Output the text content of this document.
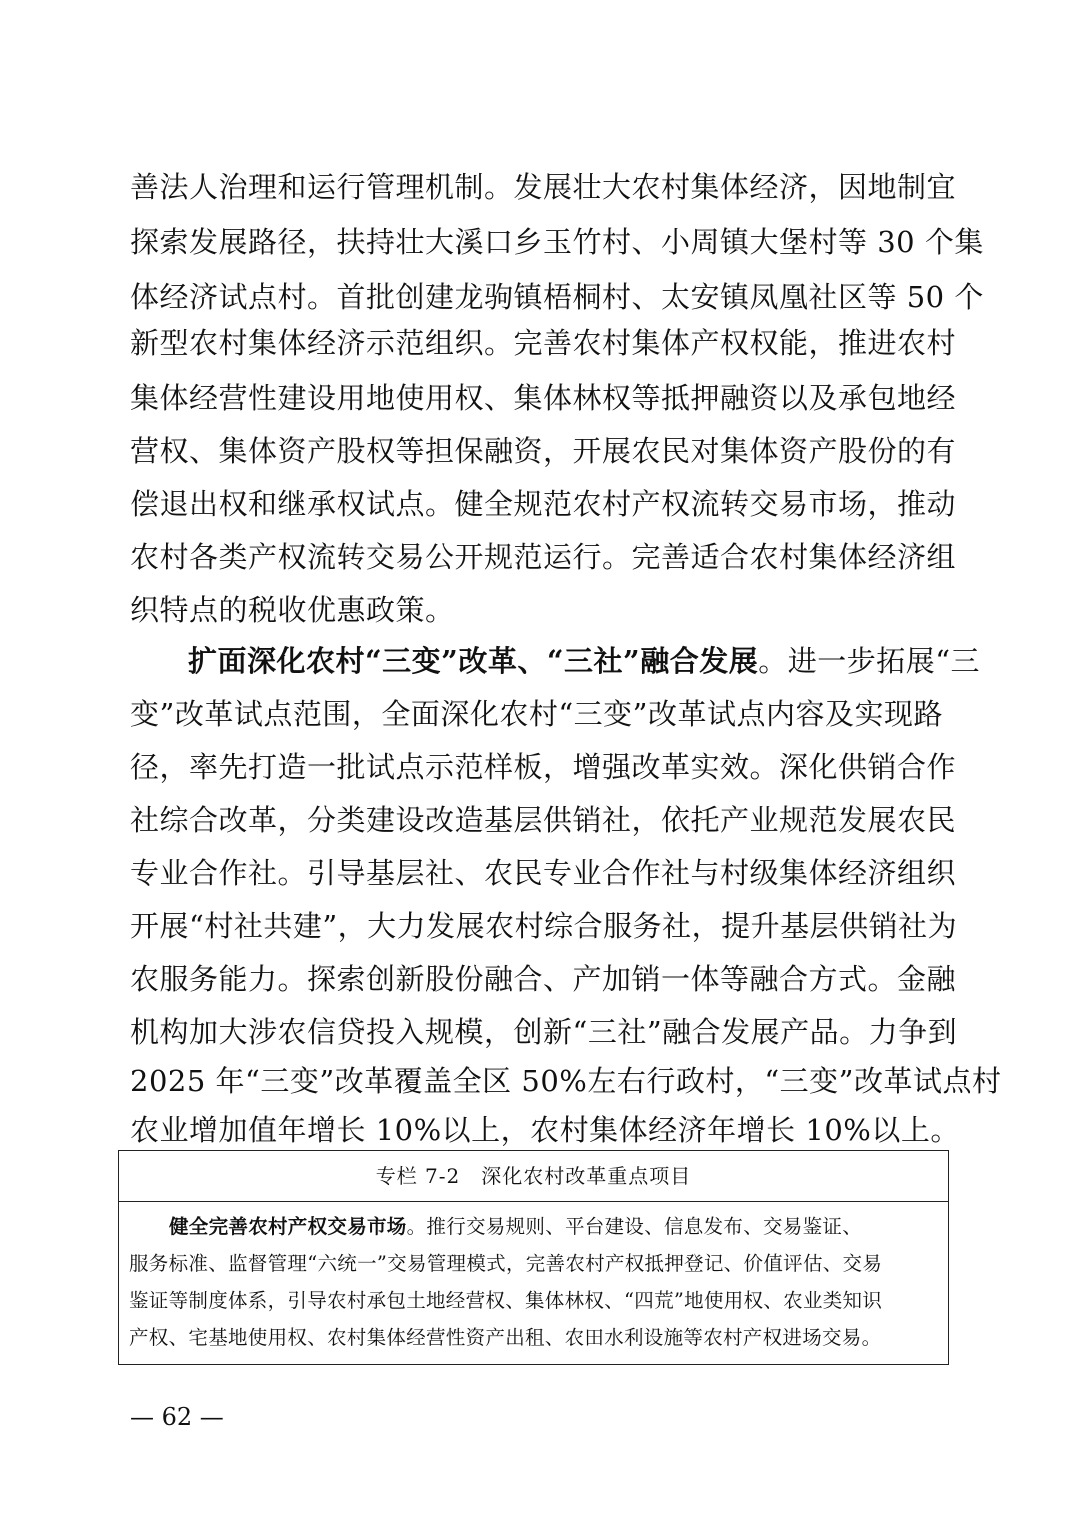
善法人治理和运行管理机制。发展壮大农村集体经济，因地制宜
探索发展路径，扶持壮大溪口乡玉竹村、小周镇大堡村等 30 个集
体经济试点村。首批创建龙驹镇梧桐村、太安镇凤凰社区等 50 个
新型农村集体经济示范组织。完善农村集体产权权能，推进农村
集体经营性建设用地使用权、集体林权等抵押融资以及承包地经
营权、集体资产股权等担保融资，开展农民对集体资产股份的有
偿退出权和继承权试点。健全规范农村产权流转交易市场，推动
农村各类产权流转交易公开规范运行。完善适合农村集体经济组
织特点的税收优惠政策。
扩面深化农村“三变”改革、“三社”融合发展。进一步拓展“三
变”改革试点范围，全面深化农村“三变”改革试点内容及实现路
径，率先打造一批试点示范样板，增强改革实效。深化供销合作
社综合改革，分类建设改造基层供销社，依托产业规范发展农民
专业合作社。引导基层社、农民专业合作社与村级集体经济组织
开展“村社共建”，大力发展农村综合服务社，提升基层供销社为
农服务能力。探索创新股份融合、产加销一体等融合方式。金融
机构加大涉农信贷投入规模，创新“三社”融合发展产品。力争到
2025 年“三变”改革覆盖全区 50%左右行政村，“三变”改革试点村
农业增加值年增长 10%以上，农村集体经济年增长 10%以上。
专栏 7-2　深化农村改革重点项目
健全完善农村产权交易市场。推行交易规则、平台建设、信息发布、交易鉴证、
服务标准、监督管理“六统一”交易管理模式，完善农村产权抵押登记、价值评估、交易
鉴证等制度体系，引导农村承包土地经营权、集体林权、“四荒”地使用权、农业类知识
产权、宅基地使用权、农村集体经营性资产出租、农田水利设施等农村产权进场交易。
— 62 —
